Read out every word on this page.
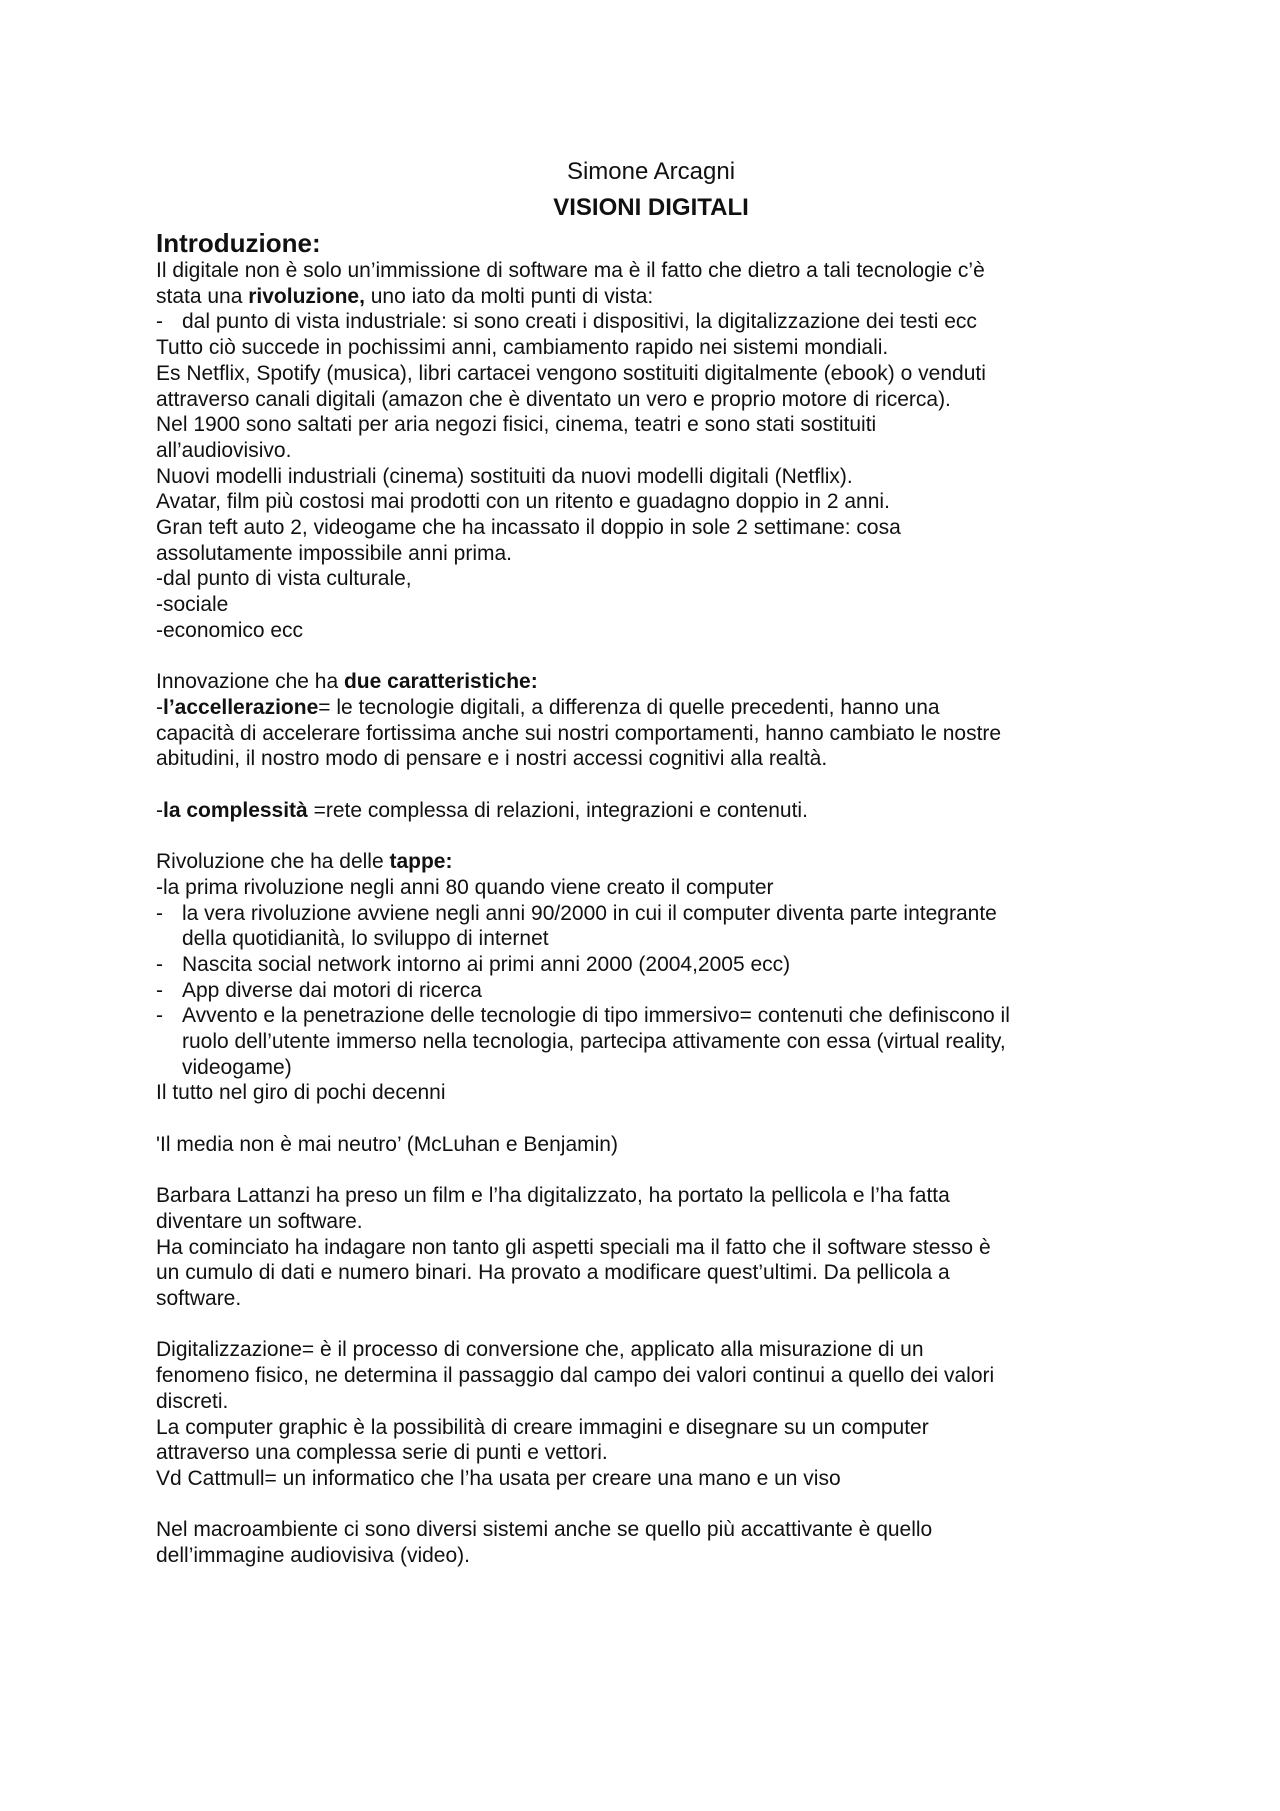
Simone Arcagni
VISIONI DIGITALI
Introduzione:
Il digitale non è solo un’immissione di software ma è il fatto che dietro a tali tecnologie c’è
stata una rivoluzione, uno iato da molti punti di vista:
- dal punto di vista industriale: si sono creati i dispositivi, la digitalizzazione dei testi ecc
Tutto ciò succede in pochissimi anni, cambiamento rapido nei sistemi mondiali.
Es Netflix, Spotify (musica), libri cartacei vengono sostituiti digitalmente (ebook) o venduti
attraverso canali digitali (amazon che è diventato un vero e proprio motore di ricerca).
Nel 1900 sono saltati per aria negozi fisici, cinema, teatri e sono stati sostituiti
all’audiovisivo.
Nuovi modelli industriali (cinema) sostituiti da nuovi modelli digitali (Netflix).
Avatar, film più costosi mai prodotti con un ritento e guadagno doppio in 2 anni.
Gran teft auto 2, videogame che ha incassato il doppio in sole 2 settimane: cosa
assolutamente impossibile anni prima.
-dal punto di vista culturale,
-sociale
-economico ecc
Innovazione che ha due caratteristiche:
-l’accellerazione= le tecnologie digitali, a differenza di quelle precedenti, hanno una
capacità di accelerare fortissima anche sui nostri comportamenti, hanno cambiato le nostre
abitudini, il nostro modo di pensare e i nostri accessi cognitivi alla realtà.
-la complessità =rete complessa di relazioni, integrazioni e contenuti.
Rivoluzione che ha delle tappe:
-la prima rivoluzione negli anni 80 quando viene creato il computer
- la vera rivoluzione avviene negli anni 90/2000 in cui il computer diventa parte integrante
della quotidianità, lo sviluppo di internet
- Nascita social network intorno ai primi anni 2000 (2004,2005 ecc)
- App diverse dai motori di ricerca
- Avvento e la penetrazione delle tecnologie di tipo immersivo= contenuti che definiscono il
ruolo dell’utente immerso nella tecnologia, partecipa attivamente con essa (virtual reality,
videogame)
Il tutto nel giro di pochi decenni
'Il media non è mai neutro’ (McLuhan e Benjamin)
Barbara Lattanzi ha preso un film e l’ha digitalizzato, ha portato la pellicola e l’ha fatta
diventare un software.
Ha cominciato ha indagare non tanto gli aspetti speciali ma il fatto che il software stesso è
un cumulo di dati e numero binari. Ha provato a modificare quest’ultimi. Da pellicola a
software.
Digitalizzazione= è il processo di conversione che, applicato alla misurazione di un
fenomeno fisico, ne determina il passaggio dal campo dei valori continui a quello dei valori
discreti.
La computer graphic è la possibilità di creare immagini e disegnare su un computer
attraverso una complessa serie di punti e vettori.
Vd Cattmull= un informatico che l’ha usata per creare una mano e un viso
Nel macroambiente ci sono diversi sistemi anche se quello più accattivante è quello
dell’immagine audiovisiva (video).
